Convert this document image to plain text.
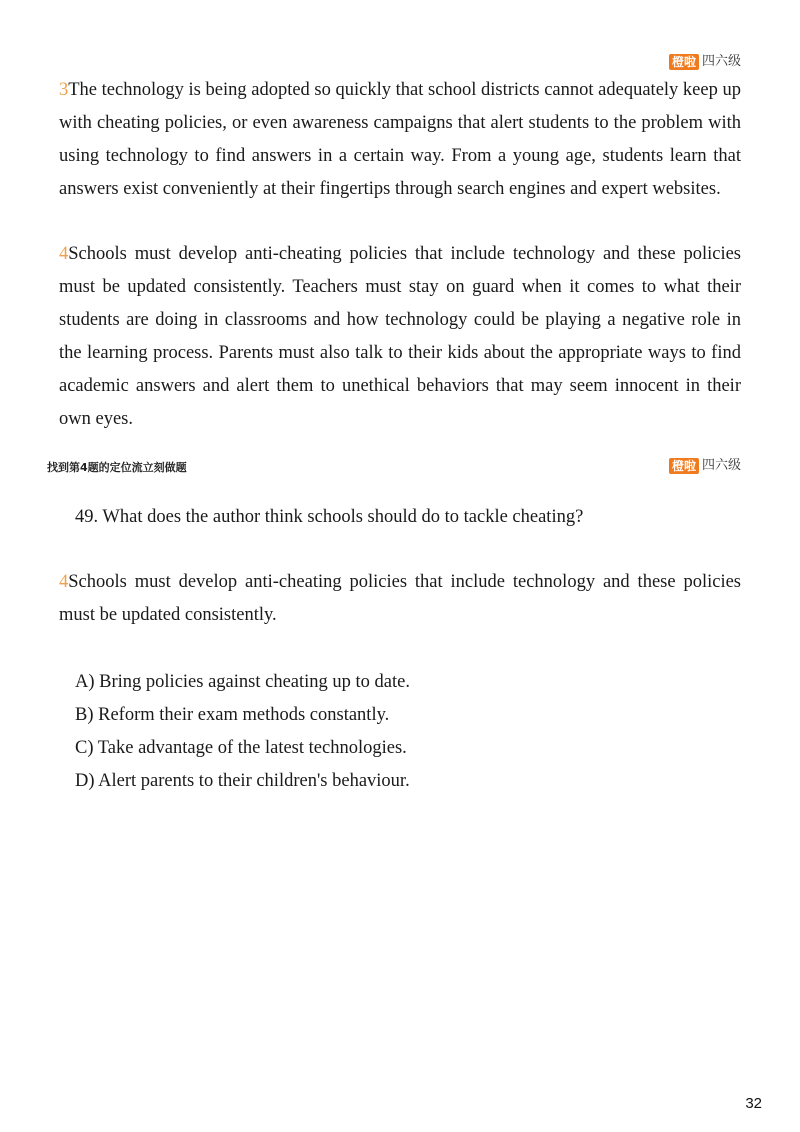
橙啦 四六级

3The technology is being adopted so quickly that school districts cannot adequately keep up with cheating policies, or even awareness campaigns that alert students to the problem with using technology to find answers in a certain way. From a young age, students learn that answers exist conveniently at their fingertips through search engines and expert websites.

4Schools must develop anti-cheating policies that include technology and these policies must be updated consistently. Teachers must stay on guard when it comes to what their students are doing in classrooms and how technology could be playing a negative role in the learning process. Parents must also talk to their kids about the appropriate ways to find academic answers and alert them to unethical behaviors that may seem innocent in their own eyes.

找到第4题的定位流立刻做题	橙啦 四六级

49. What does the author think schools should do to tackle cheating?

4Schools must develop anti-cheating policies that include technology and these policies must be updated consistently.

A) Bring policies against cheating up to date.
B) Reform their exam methods constantly.
C) Take advantage of the latest technologies.
D) Alert parents to their children's behaviour.
32
